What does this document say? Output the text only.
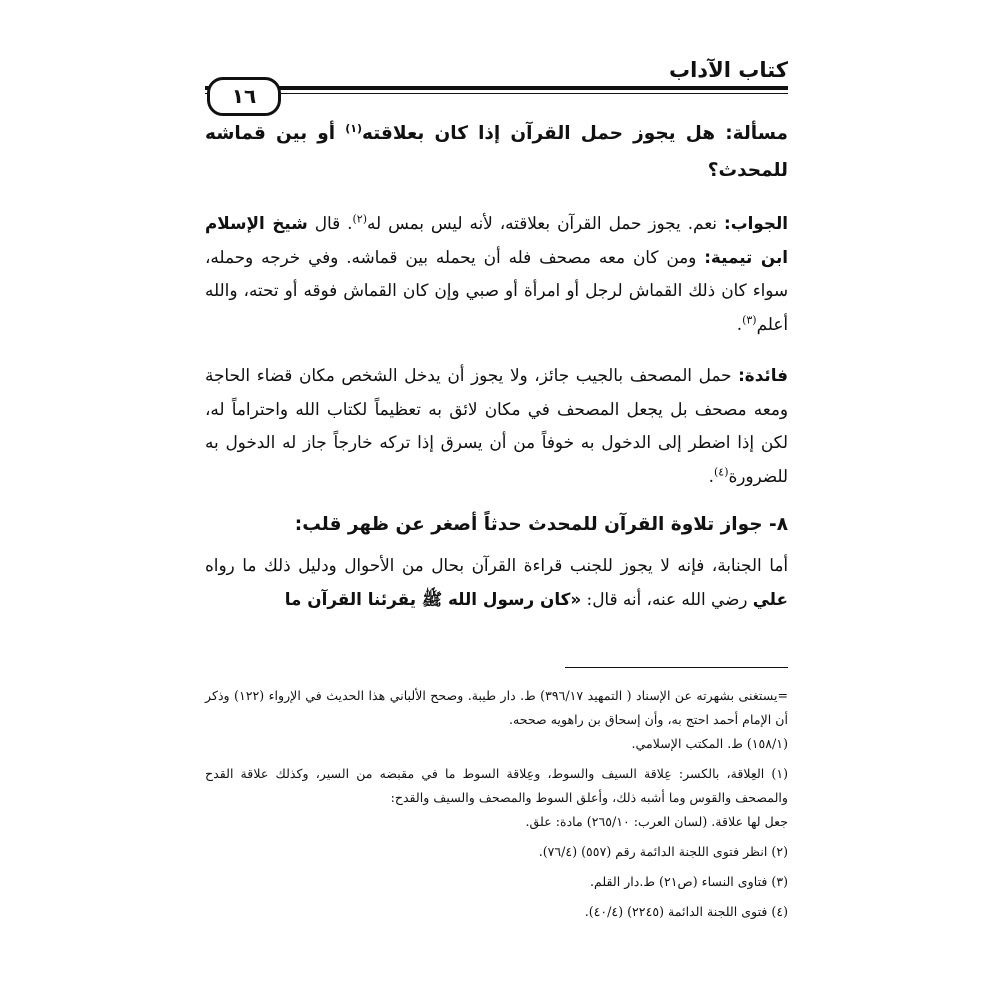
كتاب الآداب
١٦

مسألة: هل يجوز حمل القرآن إذا كان بعلاقته$^{(١)}$ أو بين قماشه للمحدث؟

الجواب: نعم. يجوز حمل القرآن بعلاقته، لأنه ليس بمس له$^{(٢)}$. قال شيخ الإسلام ابن تيمية: ومن كان معه مصحف فله أن يحمله بين قماشه. وفي خرجه وحمله، سواء كان ذلك القماش لرجل أو امرأة أو صبي وإن كان القماش فوقه أو تحته، والله أعلم$^{(٣)}$.

فائدة: حمل المصحف بالجيب جائز، ولا يجوز أن يدخل الشخص مكان قضاء الحاجة ومعه مصحف بل يجعل المصحف في مكان لائق به تعظيماً لكتاب الله واحتراماً له، لكن إذا اضطر إلى الدخول به خوفاً من أن يسرق إذا تركه خارجاً جاز له الدخول به للضرورة$^{(٤)}$.

٨- جواز تلاوة القرآن للمحدث حدثاً أصغر عن ظهر قلب:

أما الجنابة، فإنه لا يجوز للجنب قراءة القرآن بحال من الأحوال ودليل ذلك ما رواه علي رضي الله عنه، أنه قال: «كان رسول الله ﷺ يقرئنا القرآن ما

=يستغنى بشهرته عن الإسناد ( التمهيد ٣٩٦/١٧) ط. دار طيبة. وصحح الألباني هذا الحديث في الإرواء (١٢٢) وذكر أن الإمام أحمد احتج به، وأن إسحاق بن راهويه صححه.

(١٥٨/١) ط. المكتب الإسلامي.

(١) العِلاقة، بالكسر: عِلاقة السيف والسوط، وعِلاقة السوط ما في مقبضه من السير، وكذلك علاقة القدح والمصحف والقوس وما أشبه ذلك، وأعلق السوط والمصحف والسيف والقدح:

جعل لها علاقة. (لسان العرب: ٢٦٥/١٠) مادة: علق.

(٢) انظر فتوى اللجنة الدائمة رقم (٥٥٧) (٧٦/٤).

(٣) فتاوى النساء (ص٢١) ط.دار القلم.

(٤) فتوى اللجنة الدائمة (٢٢٤٥) (٤٠/٤).
